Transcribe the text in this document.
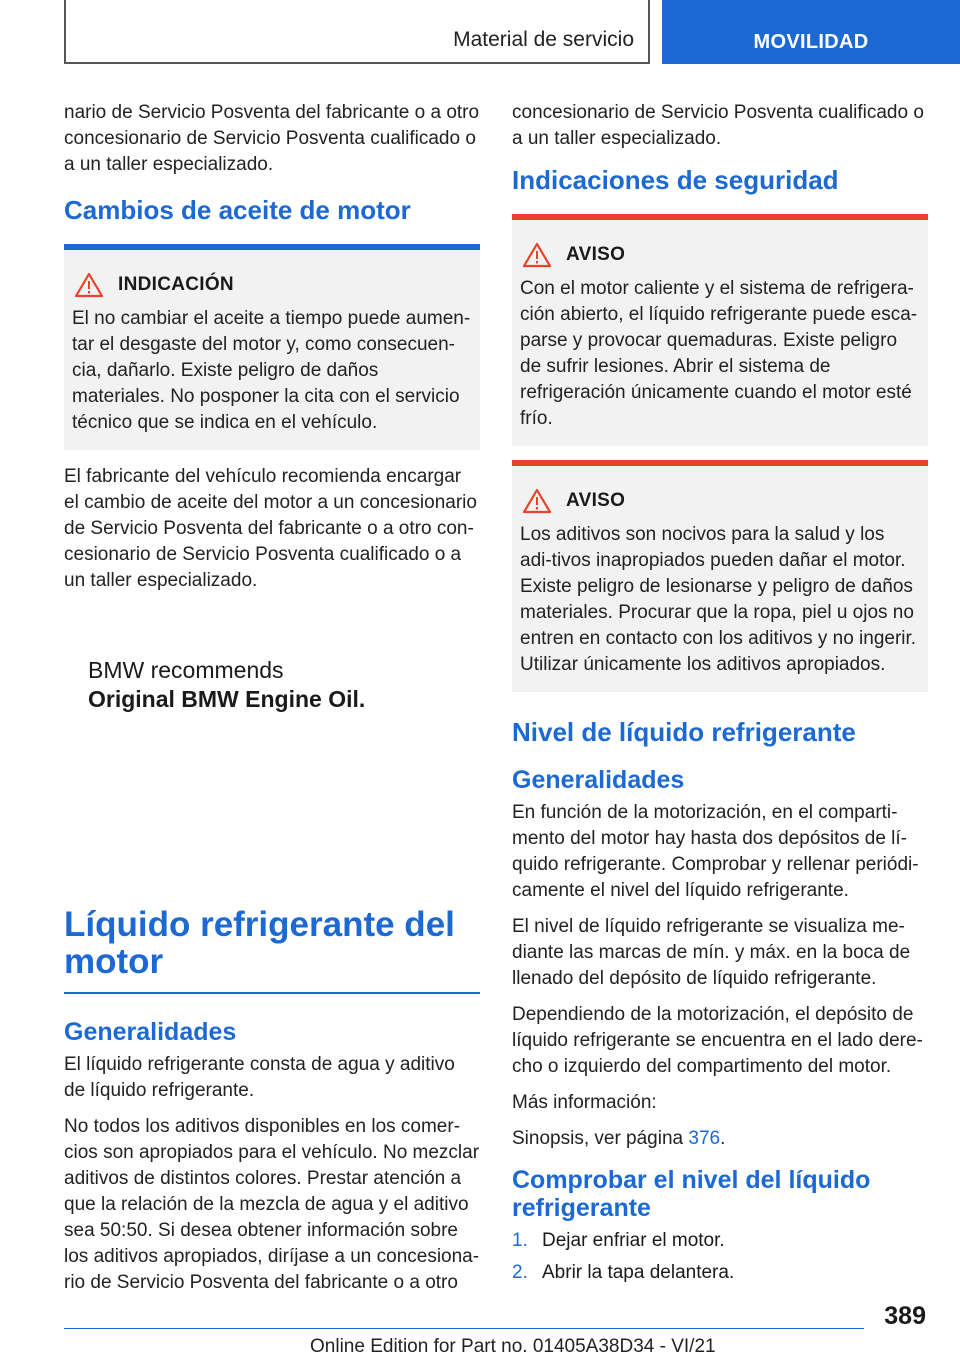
Material de servicio	MOVILIDAD

nario de Servicio Posventa del fabricante o a otro concesionario de Servicio Posventa cualificado o a un taller especializado.

Cambios de aceite de motor
INDICACIÓN

El no cambiar el aceite a tiempo puede aumen-tar el desgaste del motor y, como consecuen-cia, dañarlo. Existe peligro de daños materiales. No posponer la cita con el servicio técnico que se indica en el vehículo.

El fabricante del vehículo recomienda encargar el cambio de aceite del motor a un concesionario de Servicio Posventa del fabricante o a otro con-cesionario de Servicio Posventa cualificado o a un taller especializado.

BMW recommends
Original BMW Engine Oil.
Líquido refrigerante del motor
Generalidades

El líquido refrigerante consta de agua y aditivo de líquido refrigerante.

No todos los aditivos disponibles en los comer-cios son apropiados para el vehículo. No mezclar aditivos de distintos colores. Prestar atención a que la relación de la mezcla de agua y el aditivo sea 50:50. Si desea obtener información sobre los aditivos apropiados, diríjase a un concesiona-rio de Servicio Posventa del fabricante o a otro

concesionario de Servicio Posventa cualificado o a un taller especializado.

Indicaciones de seguridad
AVISO

Con el motor caliente y el sistema de refrigera-ción abierto, el líquido refrigerante puede esca-parse y provocar quemaduras. Existe peligro de sufrir lesiones. Abrir el sistema de refrigeración únicamente cuando el motor esté frío.

AVISO

Los aditivos son nocivos para la salud y los adi-tivos inapropiados pueden dañar el motor. Existe peligro de lesionarse y peligro de daños materiales. Procurar que la ropa, piel u ojos no entren en contacto con los aditivos y no ingerir. Utilizar únicamente los aditivos apropiados.

Nivel de líquido refrigerante
Generalidades

En función de la motorización, en el comparti-mento del motor hay hasta dos depósitos de lí-quido refrigerante. Comprobar y rellenar periódi-camente el nivel del líquido refrigerante.

El nivel de líquido refrigerante se visualiza me-diante las marcas de mín. y máx. en la boca de llenado del depósito de líquido refrigerante.

Dependiendo de la motorización, el depósito de líquido refrigerante se encuentra en el lado dere-cho o izquierdo del compartimento del motor.

Más información:

Sinopsis, ver página 376.

Comprobar el nivel del líquido refrigerante
1. Dejar enfriar el motor.
2. Abrir la tapa delantera.
389
Online Edition for Part no. 01405A38D34 - VI/21
